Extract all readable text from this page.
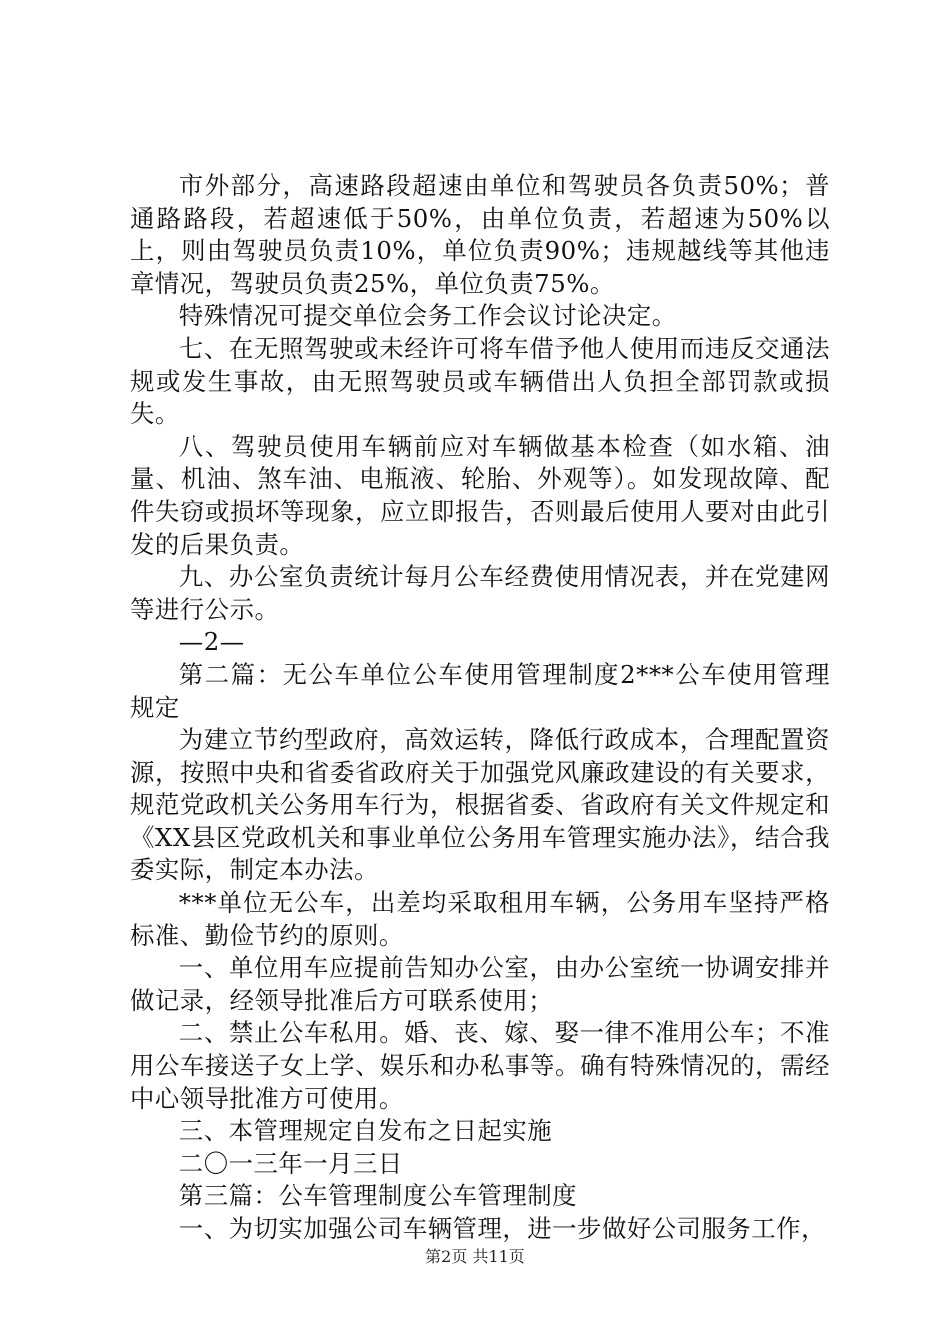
市外部分，高速路段超速由单位和驾驶员各负责50%；普通路路段，若超速低于50%，由单位负责，若超速为50%以上，则由驾驶员负责10%，单位负责90%；违规越线等其他违章情况，驾驶员负责25%，单位负责75%。

特殊情况可提交单位会务工作会议讨论决定。

七、在无照驾驶或未经许可将车借予他人使用而违反交通法规或发生事故，由无照驾驶员或车辆借出人负担全部罚款或损失。

八、驾驶员使用车辆前应对车辆做基本检查（如水箱、油量、机油、煞车油、电瓶液、轮胎、外观等）。如发现故障、配件失窃或损坏等现象，应立即报告，否则最后使用人要对由此引发的后果负责。

九、办公室负责统计每月公车经费使用情况表，并在党建网等进行公示。

—2—

第二篇：无公车单位公车使用管理制度2***公车使用管理规定

为建立节约型政府，高效运转，降低行政成本，合理配置资源，按照中央和省委省政府关于加强党风廉政建设的有关要求，规范党政机关公务用车行为，根据省委、省政府有关文件规定和《XX县区党政机关和事业单位公务用车管理实施办法》，结合我委实际，制定本办法。

***单位无公车，出差均采取租用车辆，公务用车坚持严格标准、勤俭节约的原则。

一、单位用车应提前告知办公室，由办公室统一协调安排并做记录，经领导批准后方可联系使用；

二、禁止公车私用。婚、丧、嫁、娶一律不准用公车；不准用公车接送子女上学、娱乐和办私事等。确有特殊情况的，需经中心领导批准方可使用。

三、本管理规定自发布之日起实施

二〇一三年一月三日

第三篇：公车管理制度公车管理制度

一、为切实加强公司车辆管理，进一步做好公司服务工作，

第2页 共11页
